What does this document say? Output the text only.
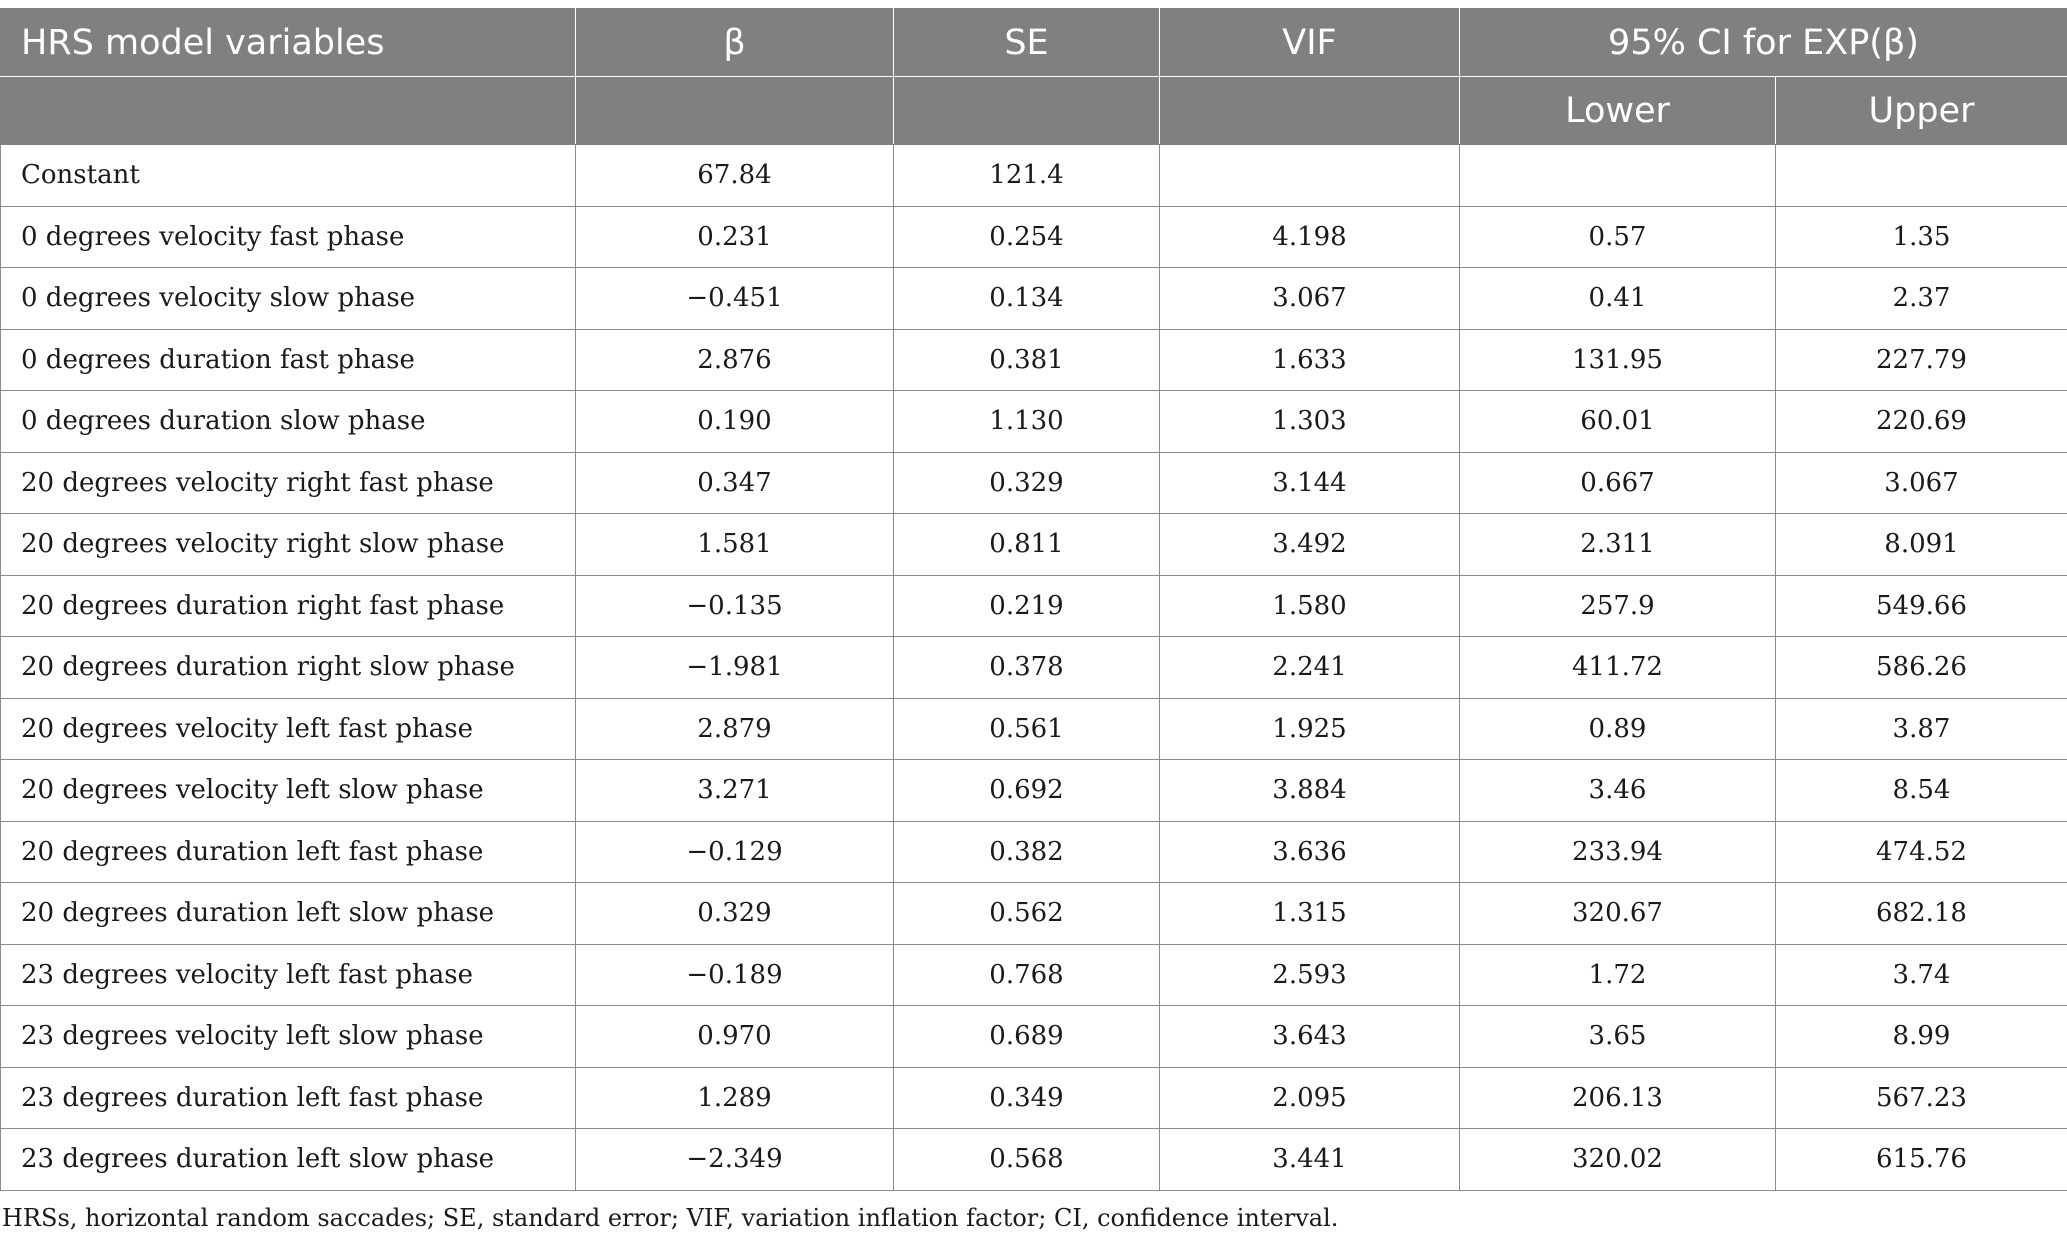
HRS model variables	β	SE	VIF	95% CI for EXP(β)	
				Lower	Upper
Constant	67.84	121.4			
0 degrees velocity fast phase	0.231	0.254	4.198	0.57	1.35
0 degrees velocity slow phase	−0.451	0.134	3.067	0.41	2.37
0 degrees duration fast phase	2.876	0.381	1.633	131.95	227.79
0 degrees duration slow phase	0.190	1.130	1.303	60.01	220.69
20 degrees velocity right fast phase	0.347	0.329	3.144	0.667	3.067
20 degrees velocity right slow phase	1.581	0.811	3.492	2.311	8.091
20 degrees duration right fast phase	−0.135	0.219	1.580	257.9	549.66
20 degrees duration right slow phase	−1.981	0.378	2.241	411.72	586.26
20 degrees velocity left fast phase	2.879	0.561	1.925	0.89	3.87
20 degrees velocity left slow phase	3.271	0.692	3.884	3.46	8.54
20 degrees duration left fast phase	−0.129	0.382	3.636	233.94	474.52
20 degrees duration left slow phase	0.329	0.562	1.315	320.67	682.18
23 degrees velocity left fast phase	−0.189	0.768	2.593	1.72	3.74
23 degrees velocity left slow phase	0.970	0.689	3.643	3.65	8.99
23 degrees duration left fast phase	1.289	0.349	2.095	206.13	567.23
23 degrees duration left slow phase	−2.349	0.568	3.441	320.02	615.76
HRSs, horizontal random saccades; SE, standard error; VIF, variation inflation factor; CI, confidence interval.
